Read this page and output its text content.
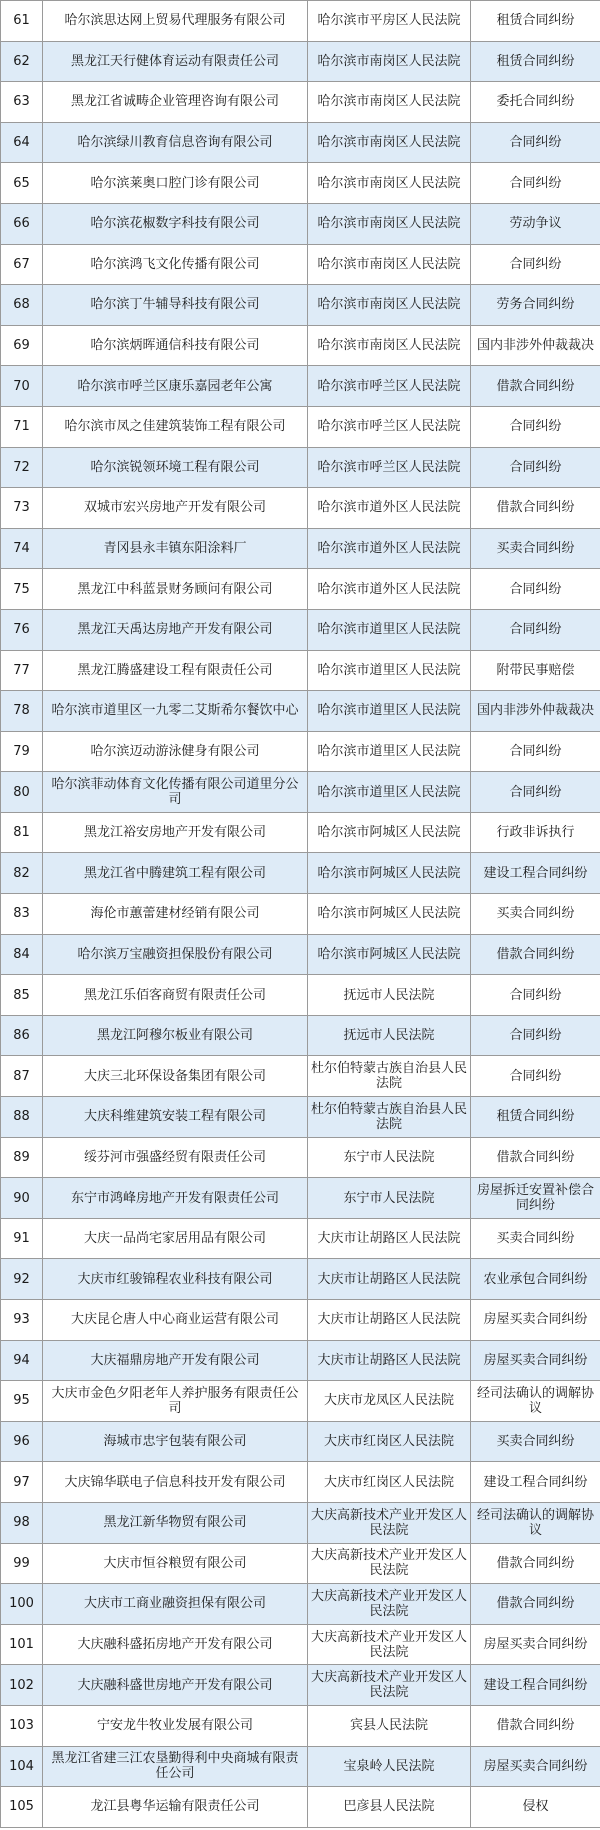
61	哈尔滨思达网上贸易代理服务有限公司	哈尔滨市平房区人民法院	租赁合同纠纷
62	黑龙江天行健体育运动有限责任公司	哈尔滨市南岗区人民法院	租赁合同纠纷
63	黑龙江省诚畴企业管理咨询有限公司	哈尔滨市南岗区人民法院	委托合同纠纷
64	哈尔滨绿川教育信息咨询有限公司	哈尔滨市南岗区人民法院	合同纠纷
65	哈尔滨莱奥口腔门诊有限公司	哈尔滨市南岗区人民法院	合同纠纷
66	哈尔滨花椒数字科技有限公司	哈尔滨市南岗区人民法院	劳动争议
67	哈尔滨鸿飞文化传播有限公司	哈尔滨市南岗区人民法院	合同纠纷
68	哈尔滨丁牛辅导科技有限公司	哈尔滨市南岗区人民法院	劳务合同纠纷
69	哈尔滨炳晖通信科技有限公司	哈尔滨市南岗区人民法院	国内非涉外仲裁裁决
70	哈尔滨市呼兰区康乐嘉园老年公寓	哈尔滨市呼兰区人民法院	借款合同纠纷
71	哈尔滨市凤之佳建筑装饰工程有限公司	哈尔滨市呼兰区人民法院	合同纠纷
72	哈尔滨锐领环境工程有限公司	哈尔滨市呼兰区人民法院	合同纠纷
73	双城市宏兴房地产开发有限公司	哈尔滨市道外区人民法院	借款合同纠纷
74	青冈县永丰镇东阳涂料厂	哈尔滨市道外区人民法院	买卖合同纠纷
75	黑龙江中科蓝景财务顾问有限公司	哈尔滨市道外区人民法院	合同纠纷
76	黑龙江天禹达房地产开发有限公司	哈尔滨市道里区人民法院	合同纠纷
77	黑龙江腾盛建设工程有限责任公司	哈尔滨市道里区人民法院	附带民事赔偿
78	哈尔滨市道里区一九零二艾斯希尔餐饮中心	哈尔滨市道里区人民法院	国内非涉外仲裁裁决
79	哈尔滨迈动游泳健身有限公司	哈尔滨市道里区人民法院	合同纠纷
80	哈尔滨菲动体育文化传播有限公司道里分公司	哈尔滨市道里区人民法院	合同纠纷
81	黑龙江裕安房地产开发有限公司	哈尔滨市阿城区人民法院	行政非诉执行
82	黑龙江省中腾建筑工程有限公司	哈尔滨市阿城区人民法院	建设工程合同纠纷
83	海伦市蕙蕾建材经销有限公司	哈尔滨市阿城区人民法院	买卖合同纠纷
84	哈尔滨万宝融资担保股份有限公司	哈尔滨市阿城区人民法院	借款合同纠纷
85	黑龙江乐佰客商贸有限责任公司	抚远市人民法院	合同纠纷
86	黑龙江阿穆尔板业有限公司	抚远市人民法院	合同纠纷
87	大庆三北环保设备集团有限公司	杜尔伯特蒙古族自治县人民法院	合同纠纷
88	大庆科维建筑安装工程有限公司	杜尔伯特蒙古族自治县人民法院	租赁合同纠纷
89	绥芬河市强盛经贸有限责任公司	东宁市人民法院	借款合同纠纷
90	东宁市鸿峰房地产开发有限责任公司	东宁市人民法院	房屋拆迁安置补偿合同纠纷
91	大庆一品尚宅家居用品有限公司	大庆市让胡路区人民法院	买卖合同纠纷
92	大庆市红骏锦程农业科技有限公司	大庆市让胡路区人民法院	农业承包合同纠纷
93	大庆昆仑唐人中心商业运营有限公司	大庆市让胡路区人民法院	房屋买卖合同纠纷
94	大庆福鼎房地产开发有限公司	大庆市让胡路区人民法院	房屋买卖合同纠纷
95	大庆市金色夕阳老年人养护服务有限责任公司	大庆市龙凤区人民法院	经司法确认的调解协议
96	海城市忠宇包装有限公司	大庆市红岗区人民法院	买卖合同纠纷
97	大庆锦华联电子信息科技开发有限公司	大庆市红岗区人民法院	建设工程合同纠纷
98	黑龙江新华物贸有限公司	大庆高新技术产业开发区人民法院	经司法确认的调解协议
99	大庆市恒谷粮贸有限公司	大庆高新技术产业开发区人民法院	借款合同纠纷
100	大庆市工商业融资担保有限公司	大庆高新技术产业开发区人民法院	借款合同纠纷
101	大庆融科盛拓房地产开发有限公司	大庆高新技术产业开发区人民法院	房屋买卖合同纠纷
102	大庆融科盛世房地产开发有限公司	大庆高新技术产业开发区人民法院	建设工程合同纠纷
103	宁安龙牛牧业发展有限公司	宾县人民法院	借款合同纠纷
104	黑龙江省建三江农垦勤得利中央商城有限责任公司	宝泉岭人民法院	房屋买卖合同纠纷
105	龙江县粤华运输有限责任公司	巴彦县人民法院	侵权
